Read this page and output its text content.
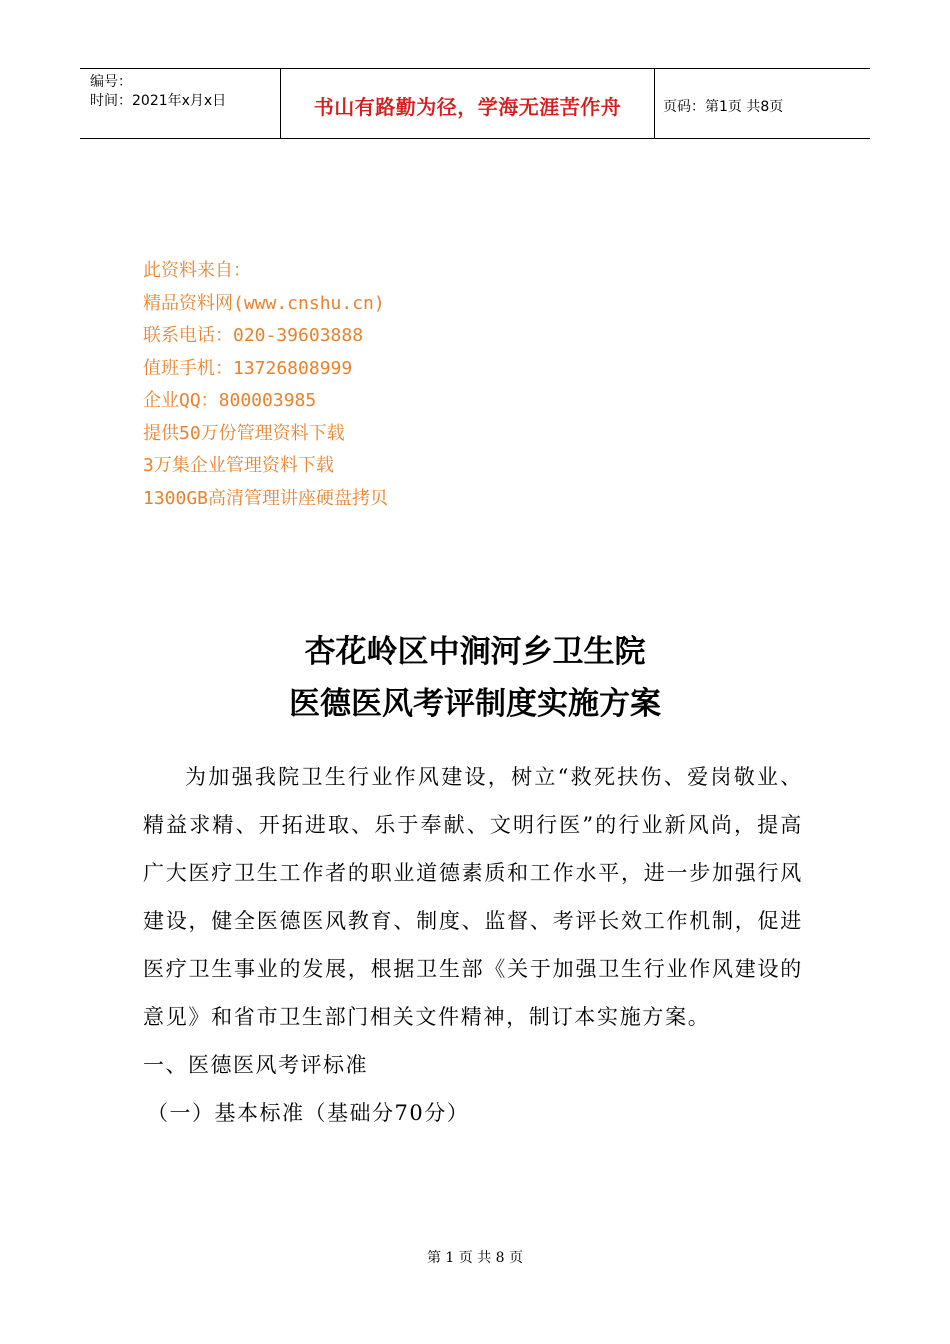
编号：
时间：2021年x月x日	书山有路勤为径，学海无涯苦作舟	页码：第1页 共8页
此资料来自：
精品资料网(www.cnshu.cn)
联系电话：020-39603888
值班手机：13726808999
企业QQ：800003985
提供50万份管理资料下载
3万集企业管理资料下载
1300GB高清管理讲座硬盘拷贝
杏花岭区中涧河乡卫生院
医德医风考评制度实施方案
为加强我院卫生行业作风建设，树立“救死扶伤、爱岗敬业、精益求精、开拓进取、乐于奉献、文明行医”的行业新风尚，提高广大医疗卫生工作者的职业道德素质和工作水平，进一步加强行风建设，健全医德医风教育、制度、监督、考评长效工作机制，促进医疗卫生事业的发展，根据卫生部《关于加强卫生行业作风建设的意见》和省市卫生部门相关文件精神，制订本实施方案。
一、医德医风考评标准
（一）基本标准（基础分70分）
第 1 页 共 8 页
